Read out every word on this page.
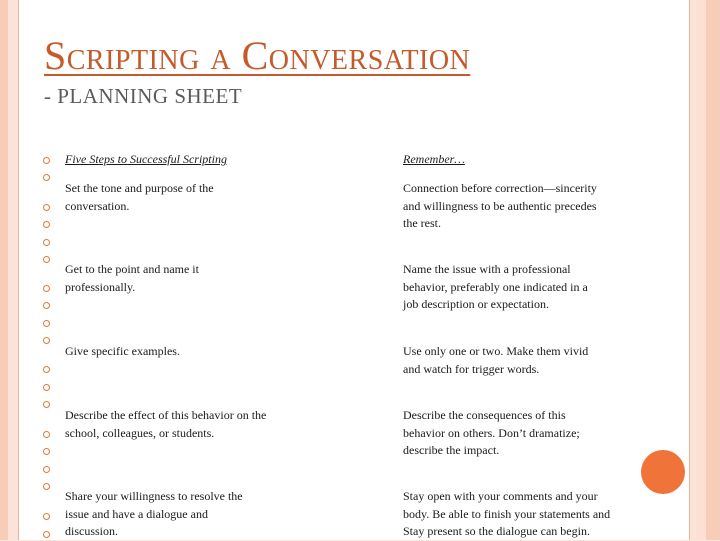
Scripting a Conversation
- PLANNING SHEET

Five Steps to Successful Scripting	Remember…

Set the tone and purpose of the

conversation.

Connection before correction—sincerity

and willingness to be authentic precedes

the rest.

Get to the point and name it

professionally.

Name the issue with a professional

behavior, preferably one indicated in a

job description or expectation.

Give specific examples.	Use only one or two. Make them vivid

and watch for trigger words.

Describe the effect of this behavior on the

school, colleagues, or students.

Describe the consequences of this

behavior on others. Don’t dramatize;

describe the impact.

Share your willingness to resolve the

issue and have a dialogue and

discussion.

Stay open with your comments and your

body. Be able to finish your statements and

Stay present so the dialogue can begin.
